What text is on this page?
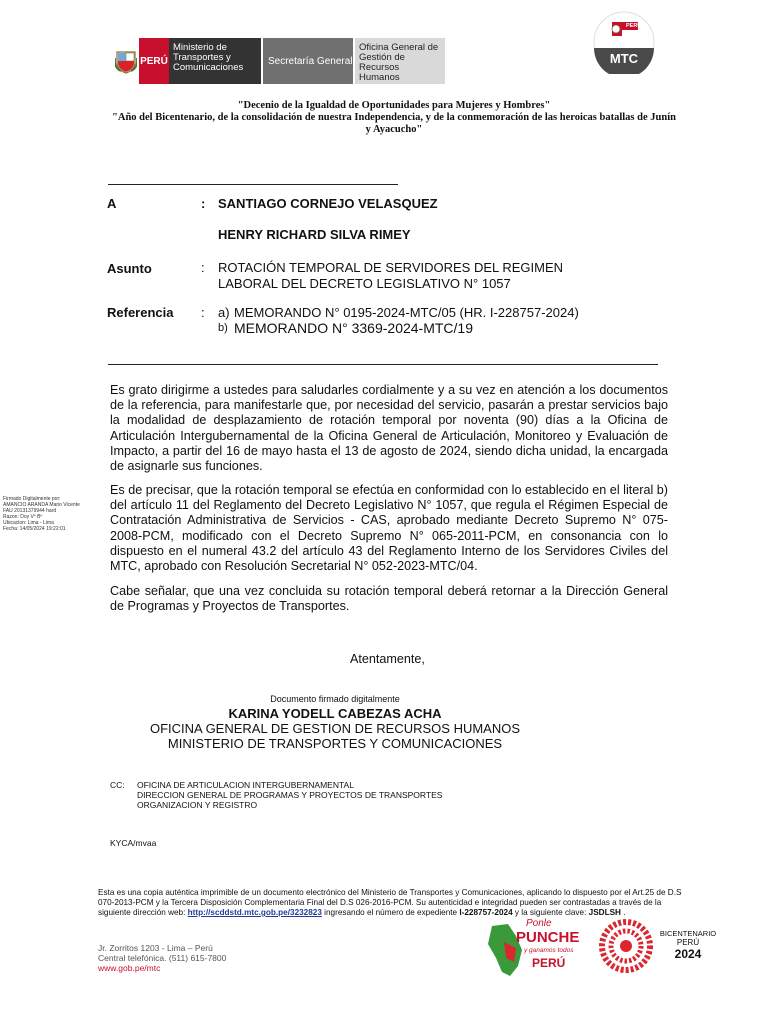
PERÚ
Ministerio de Transportes y Comunicaciones
Secretaría General
Oficina General de Gestión de Recursos Humanos
PERÚ
MTC
"Decenio de la Igualdad de Oportunidades para Mujeres y Hombres"
"Año del Bicentenario, de la consolidación de nuestra Independencia, y de la conmemoración de las heroicas batallas de Junín y Ayacucho"
A	: SANTIAGO CORNEJO VELASQUEZ
HENRY RICHARD SILVA RIMEY
Asunto	: ROTACIÓN TEMPORAL DE SERVIDORES DEL REGIMEN
LABORAL DEL DECRETO LEGISLATIVO N° 1057
Referencia : a) MEMORANDO N° 0195-2024-MTC/05 (HR. I-228757-2024)
b) MEMORANDO N° 3369-2024-MTC/19
Es grato dirigirme a ustedes para saludarles cordialmente y a su vez en atención a los documentos de la referencia, para manifestarle que, por necesidad del servicio, pasarán a prestar servicios bajo la modalidad de desplazamiento de rotación temporal por noventa (90) días a la Oficina de Articulación Intergubernamental de la Oficina General de Articulación, Monitoreo y Evaluación de Impacto, a partir del 16 de mayo hasta el 13 de agosto de 2024, siendo dicha unidad, la encargada de asignarle sus funciones.
Es de precisar, que la rotación temporal se efectúa en conformidad con lo establecido en el literal b) del artículo 11 del Reglamento del Decreto Legislativo N° 1057, que regula el Régimen Especial de Contratación Administrativa de Servicios - CAS, aprobado mediante Decreto Supremo N° 075-2008-PCM, modificado con el Decreto Supremo N° 065-2011-PCM, en consonancia con lo dispuesto en el numeral 43.2 del artículo 43 del Reglamento Interno de los Servidores Civiles del MTC, aprobado con Resolución Secretarial N° 052-2023-MTC/04.
Cabe señalar, que una vez concluida su rotación temporal deberá retornar a la Dirección General de Programas y Proyectos de Transportes.
Atentamente,
Firmado Digitalmente por:
AMANCIO ARANDA Mario Vicente
FAU 20131379944 hard
Razon: Doy Vº Bº
Ubicacion: Lima - Lima
Fecha: 14/05/2024 19:22:01
Documento firmado digitalmente
KARINA YODELL CABEZAS ACHA
OFICINA GENERAL DE GESTION DE RECURSOS HUMANOS
MINISTERIO DE TRANSPORTES Y COMUNICACIONES
CC: OFICINA DE ARTICULACION INTERGUBERNAMENTAL
DIRECCION GENERAL DE PROGRAMAS Y PROYECTOS DE TRANSPORTES
ORGANIZACION Y REGISTRO
KYCA/mvaa
Esta es una copia auténtica imprimible de un documento electrónico del Ministerio de Transportes y Comunicaciones, aplicando lo dispuesto por el Art.25 de D.S 070-2013-PCM y la Tercera Disposición Complementaria Final del D.S 026-2016-PCM. Su autenticidad e integridad pueden ser contrastadas a través de la siguiente dirección web: http://scddstd.mtc.gob.pe/3232823 ingresando el número de expediente I-228757-2024 y la siguiente clave: JSDLSH .
Jr. Zorritos 1203 - Lima – Perú
Central telefónica. (511) 615-7800
www.gob.pe/mtc
Ponle
PUNCHE
y ganamos todos
PERÚ
BICENTENARIO
PERÚ
2024
